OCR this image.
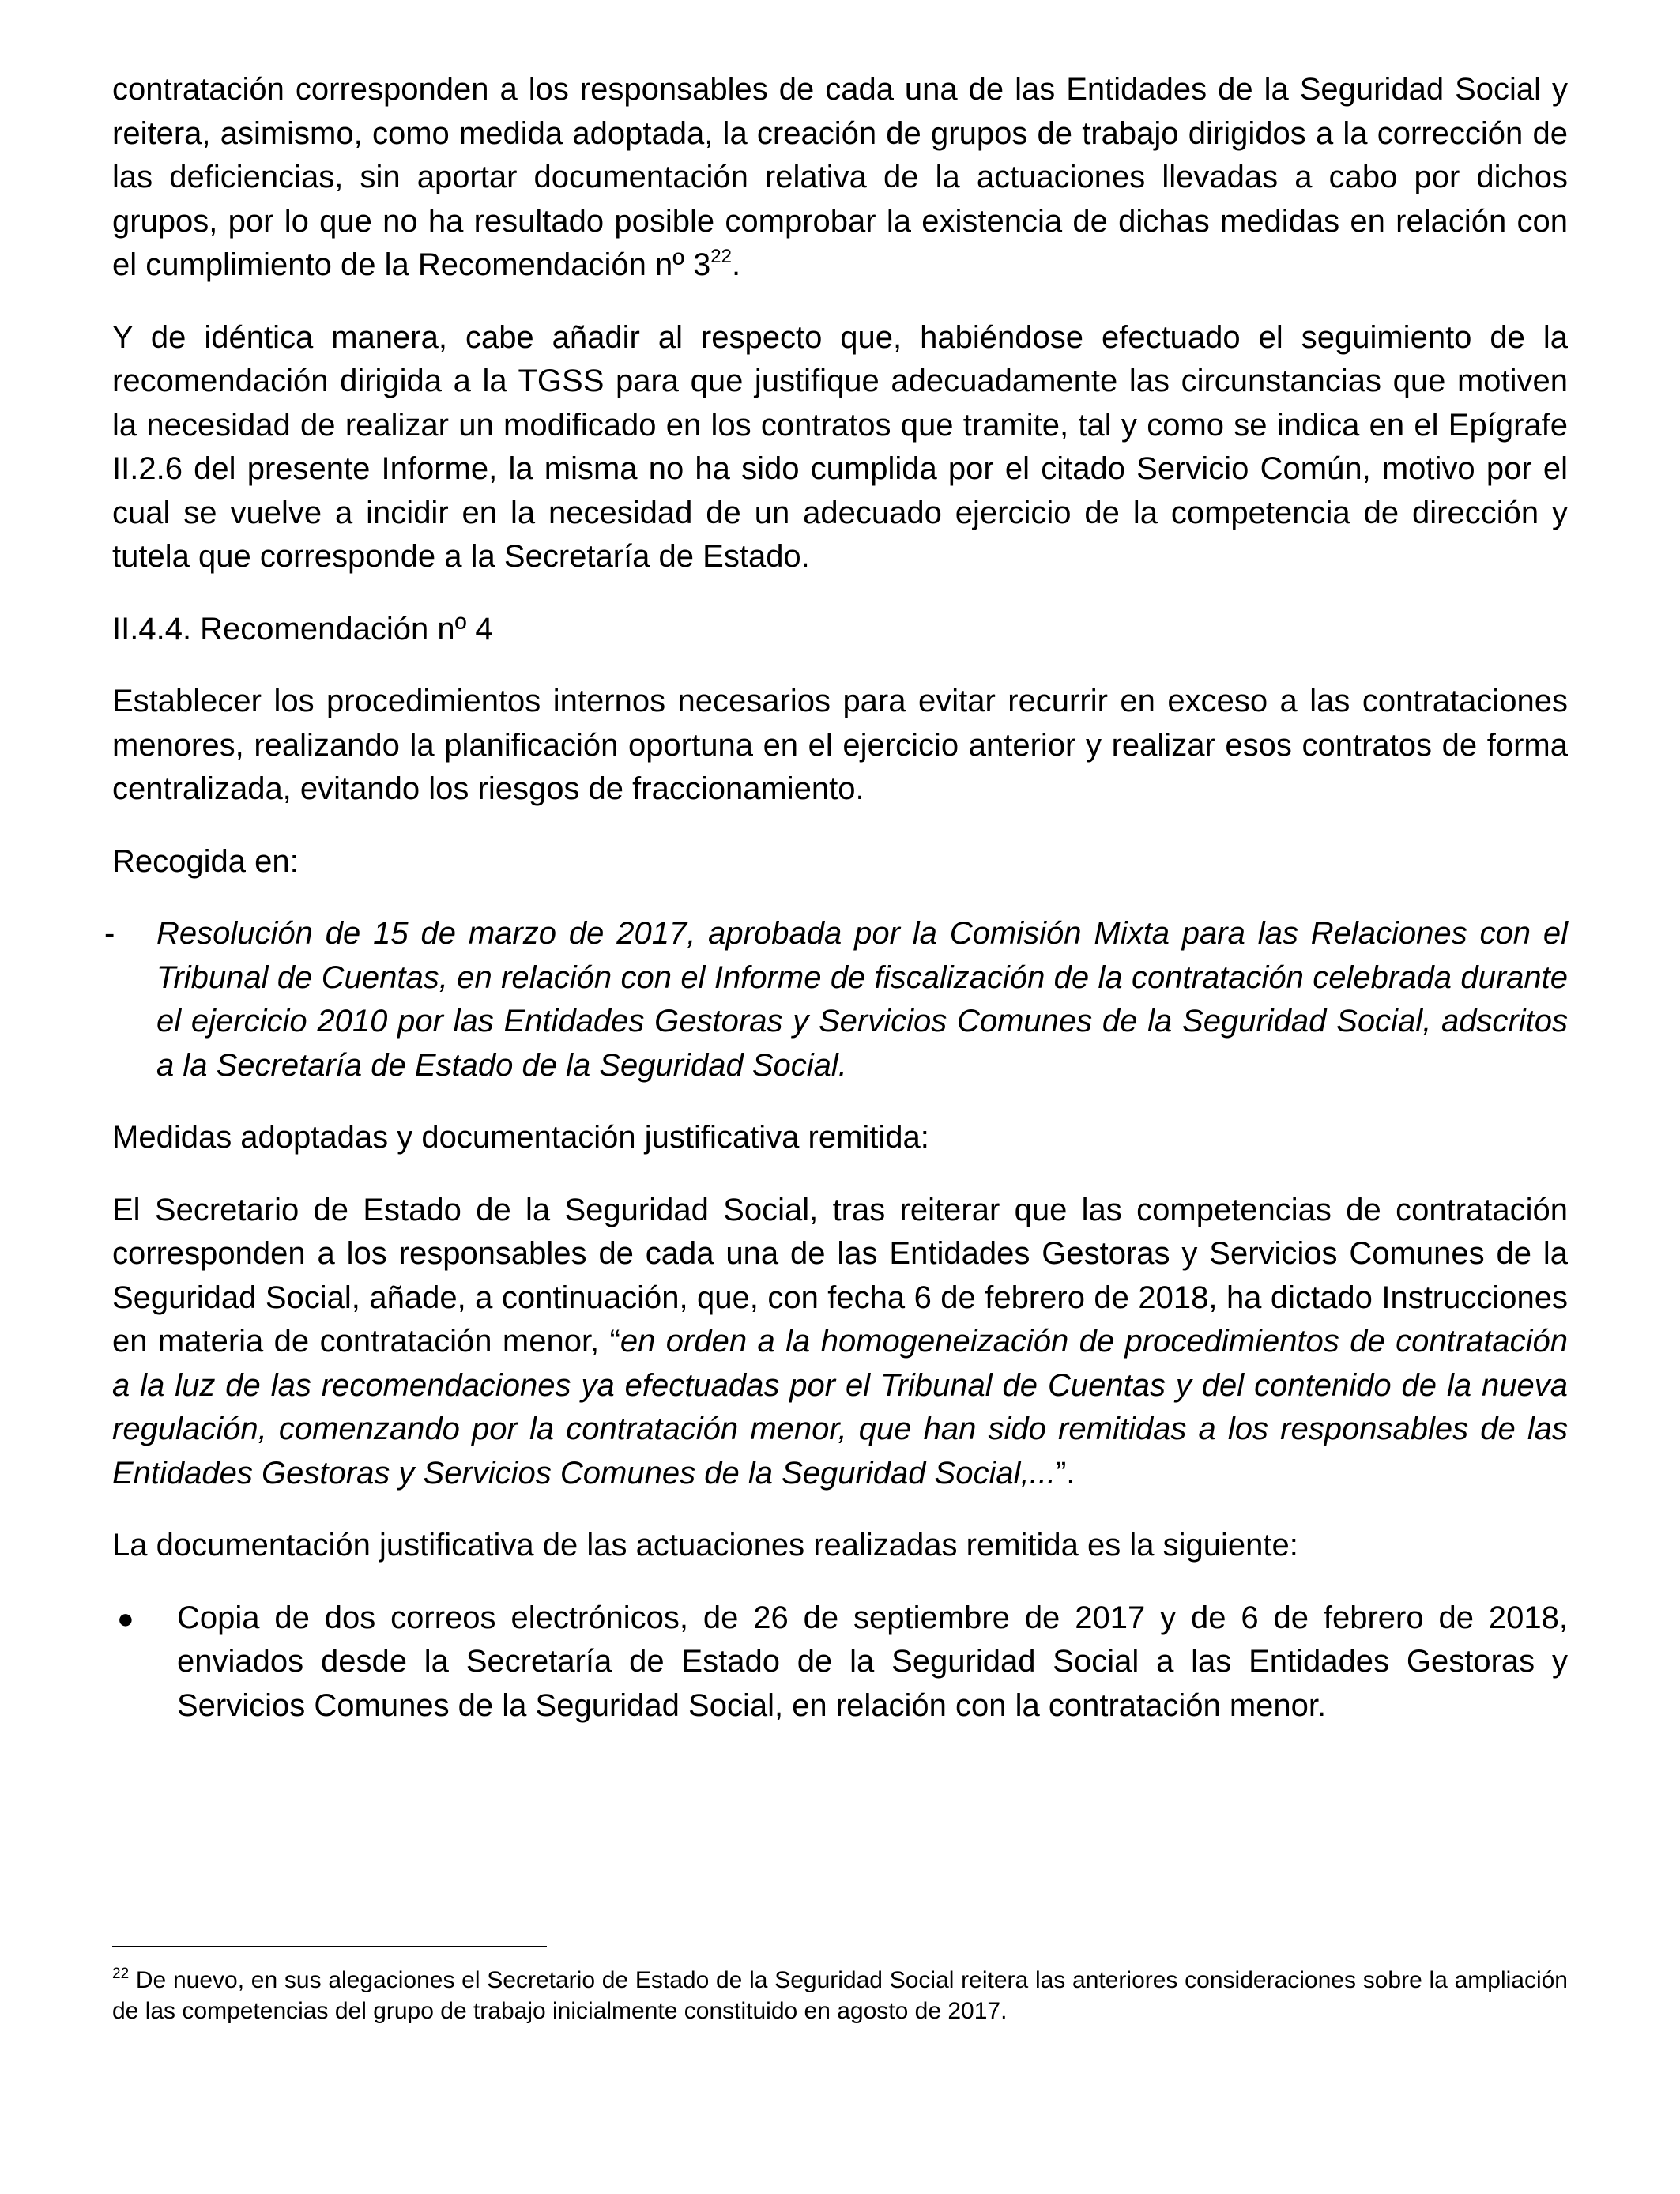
contratación corresponden a los responsables de cada una de las Entidades de la Seguridad Social y reitera, asimismo, como medida adoptada, la creación de grupos de trabajo dirigidos a la corrección de las deficiencias, sin aportar documentación relativa de la actuaciones llevadas a cabo por dichos grupos, por lo que no ha resultado posible comprobar la existencia de dichas medidas en relación con el cumplimiento de la Recomendación nº $3^{22}$.

Y de idéntica manera, cabe añadir al respecto que, habiéndose efectuado el seguimiento de la recomendación dirigida a la TGSS para que justifique adecuadamente las circunstancias que motiven la necesidad de realizar un modificado en los contratos que tramite, tal y como se indica en el Epígrafe II.2.6 del presente Informe, la misma no ha sido cumplida por el citado Servicio Común, motivo por el cual se vuelve a incidir en la necesidad de un adecuado ejercicio de la competencia de dirección y tutela que corresponde a la Secretaría de Estado.

II.4.4. Recomendación nº 4

Establecer los procedimientos internos necesarios para evitar recurrir en exceso a las contrataciones menores, realizando la planificación oportuna en el ejercicio anterior y realizar esos contratos de forma centralizada, evitando los riesgos de fraccionamiento.

Recogida en:

-	Resolución de 15 de marzo de 2017, aprobada por la Comisión Mixta para las Relaciones con el Tribunal de Cuentas, en relación con el Informe de fiscalización de la contratación celebrada durante el ejercicio 2010 por las Entidades Gestoras y Servicios Comunes de la Seguridad Social, adscritos a la Secretaría de Estado de la Seguridad Social.

Medidas adoptadas y documentación justificativa remitida:

El Secretario de Estado de la Seguridad Social, tras reiterar que las competencias de contratación corresponden a los responsables de cada una de las Entidades Gestoras y Servicios Comunes de la Seguridad Social, añade, a continuación, que, con fecha 6 de febrero de 2018, ha dictado Instrucciones en materia de contratación menor, “en orden a la homogeneización de procedimientos de contratación a la luz de las recomendaciones ya efectuadas por el Tribunal de Cuentas y del contenido de la nueva regulación, comenzando por la contratación menor, que han sido remitidas a los responsables de las Entidades Gestoras y Servicios Comunes de la Seguridad Social,...”.

La documentación justificativa de las actuaciones realizadas remitida es la siguiente:

●	Copia de dos correos electrónicos, de 26 de septiembre de 2017 y de 6 de febrero de 2018, enviados desde la Secretaría de Estado de la Seguridad Social a las Entidades Gestoras y Servicios Comunes de la Seguridad Social, en relación con la contratación menor.
$^{22}$ De nuevo, en sus alegaciones el Secretario de Estado de la Seguridad Social reitera las anteriores consideraciones sobre la ampliación de las competencias del grupo de trabajo inicialmente constituido en agosto de 2017.
